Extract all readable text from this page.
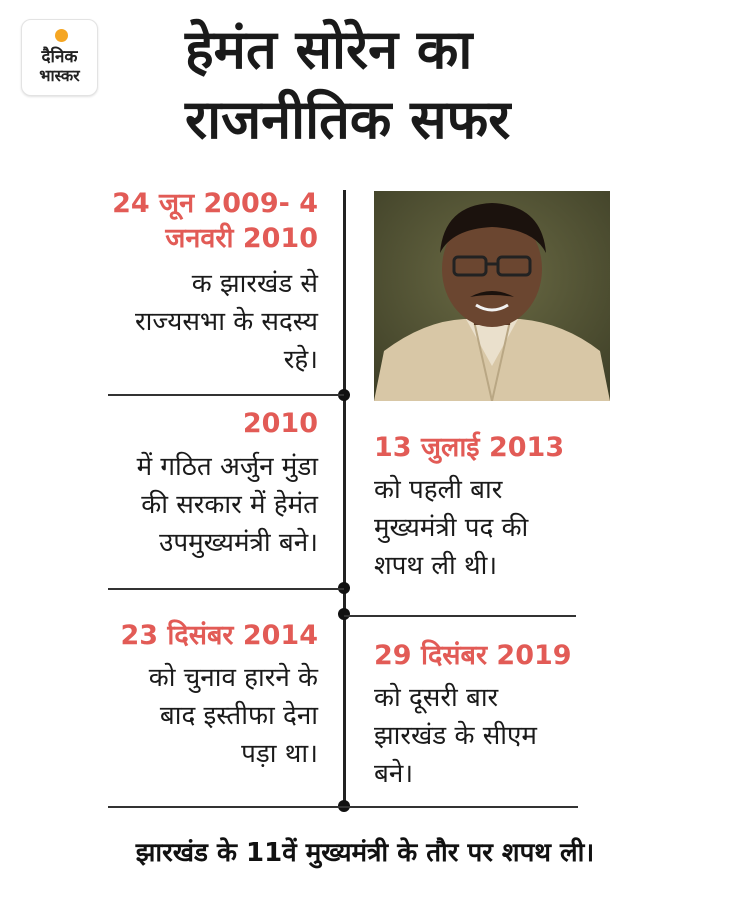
दैनिक
भास्कर	हेमंत सोरेन का
राजनीतिक सफर
24 जून 2009- 4
जनवरी 2010
क झारखंड से
राज्यसभा के सदस्य
रहे।
2010
में गठित अर्जुन मुंडा
की सरकार में हेमंत
उपमुख्यमंत्री बने।
13 जुलाई 2013
को पहली बार
मुख्यमंत्री पद की
शपथ ली थी।
23 दिसंबर 2014
को चुनाव हारने के
बाद इस्तीफा देना
पड़ा था।
29 दिसंबर 2019
को दूसरी बार
झारखंड के सीएम
बने।
झारखंड के 11वें मुख्यमंत्री के तौर पर शपथ ली।
